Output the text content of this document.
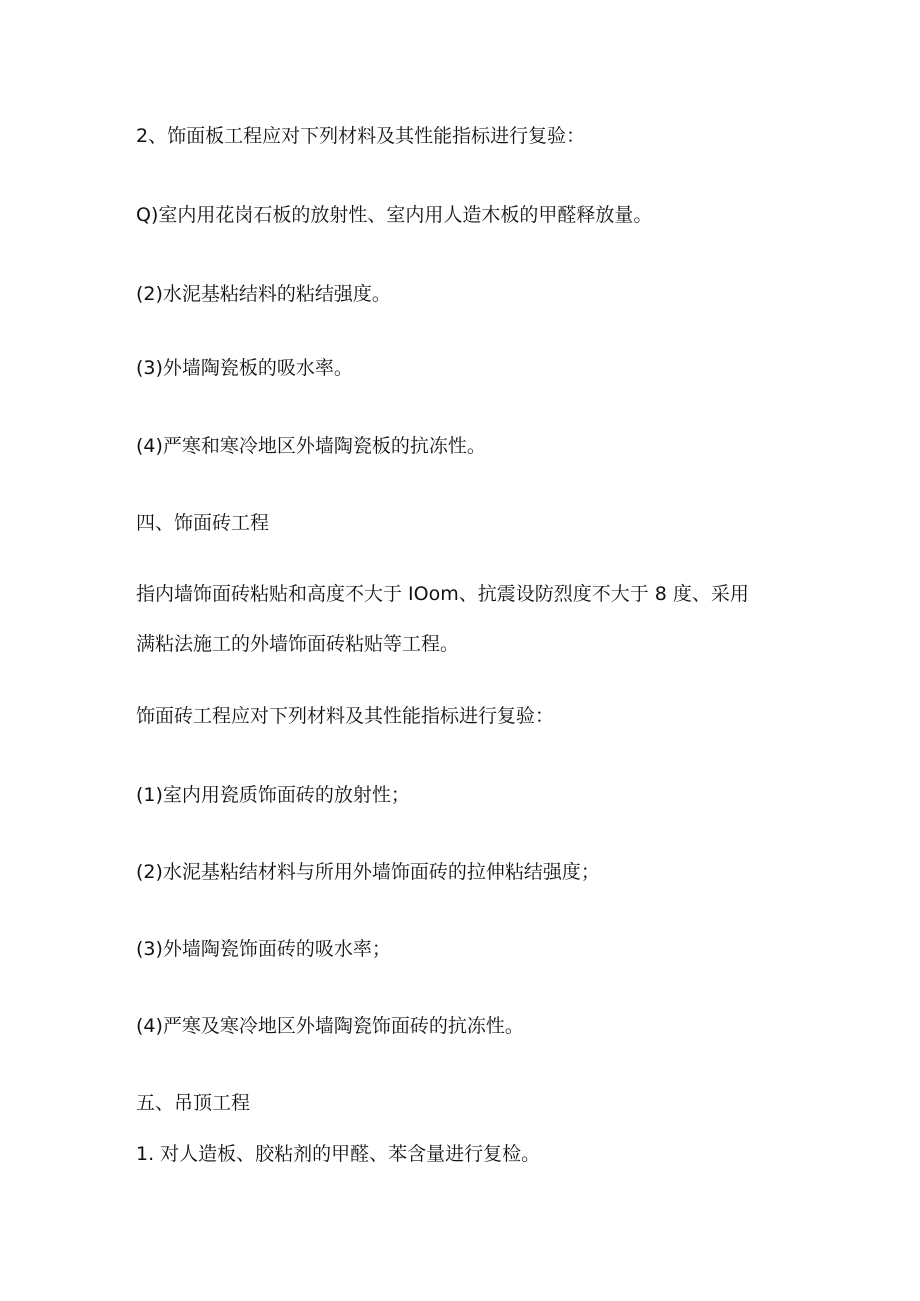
2、饰面板工程应对下列材料及其性能指标进行复验：

Q)室内用花岗石板的放射性、室内用人造木板的甲醛释放量。

(2)水泥基粘结料的粘结强度。

(3)外墙陶瓷板的吸水率。

(4)严寒和寒冷地区外墙陶瓷板的抗冻性。

四、饰面砖工程

指内墙饰面砖粘贴和高度不大于 IOom、抗震设防烈度不大于 8 度、采用

满粘法施工的外墙饰面砖粘贴等工程。

饰面砖工程应对下列材料及其性能指标进行复验：

(1)室内用瓷质饰面砖的放射性；

(2)水泥基粘结材料与所用外墙饰面砖的拉伸粘结强度；

(3)外墙陶瓷饰面砖的吸水率；

(4)严寒及寒冷地区外墙陶瓷饰面砖的抗冻性。

五、吊顶工程

1. 对人造板、胶粘剂的甲醛、苯含量进行复检。
